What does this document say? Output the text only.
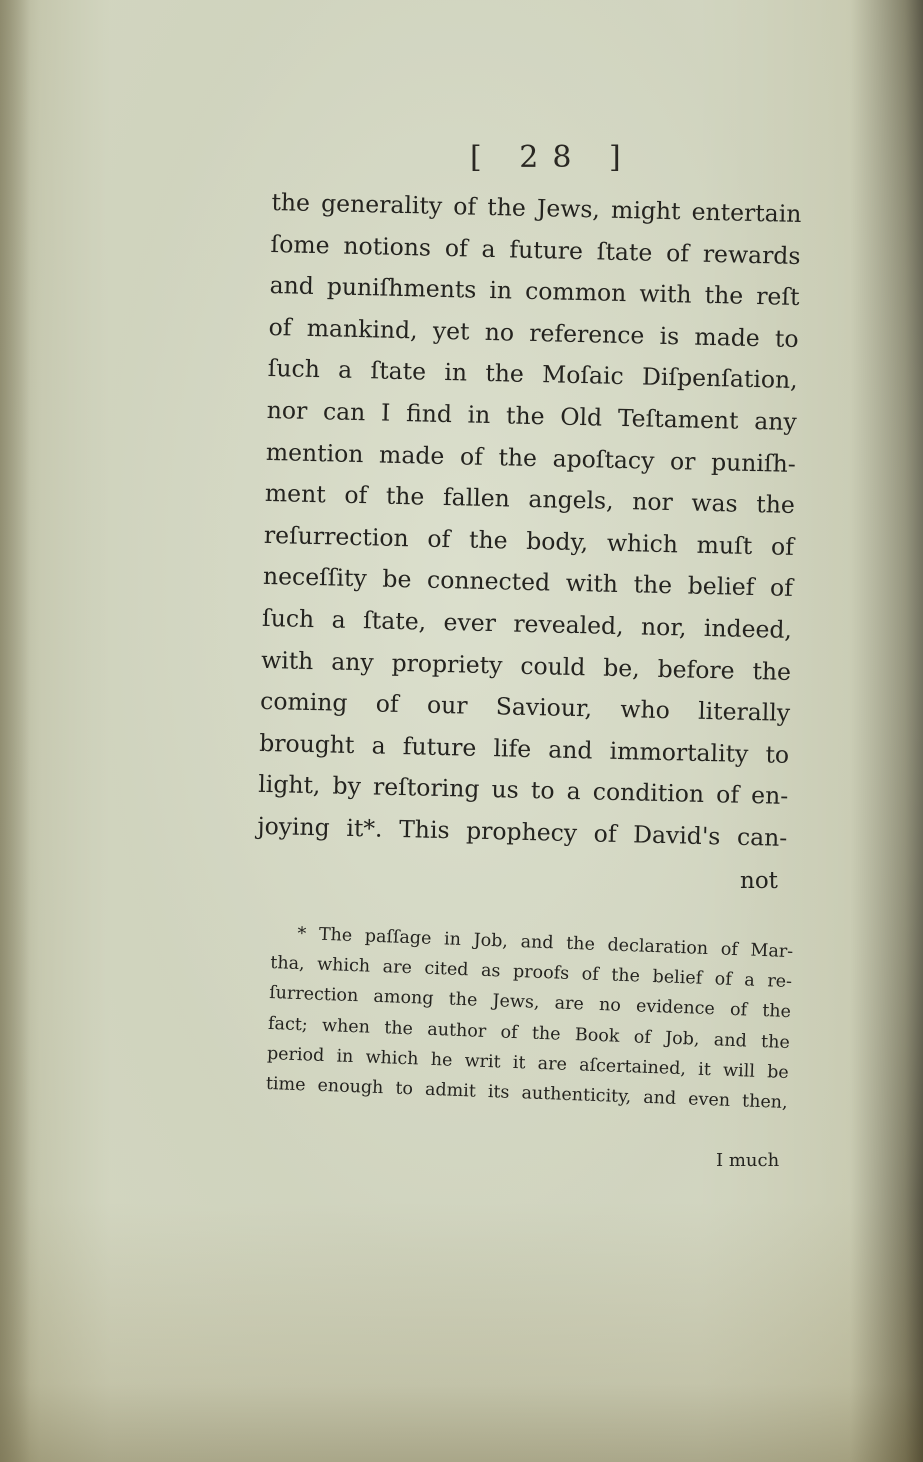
[ 28 ]
the generality of the Jews, might entertain
ſome notions of a future ſtate of rewards
and puniſhments in common with the reſt
of mankind, yet no reference is made to
ſuch a ſtate in the Moſaic Diſpenſation,
nor can I find in the Old Teſtament any
mention made of the apoſtacy or puniſh-
ment of the fallen angels, nor was the
reſurrection of the body, which muſt of
neceſſity be connected with the belief of
ſuch a ſtate, ever revealed, nor, indeed,
with any propriety could be, before the
coming of our Saviour, who literally
brought a future life and immortality to
light, by reſtoring us to a condition of en-
joying it*. This prophecy of David's can-
not
* The paſſage in Job, and the declaration of Mar-
tha, which are cited as proofs of the belief of a re-
ſurrection among the Jews, are no evidence of the
fact; when the author of the Book of Job, and the
period in which he writ it are aſcertained, it will be
time enough to admit its authenticity, and even then,
I much
